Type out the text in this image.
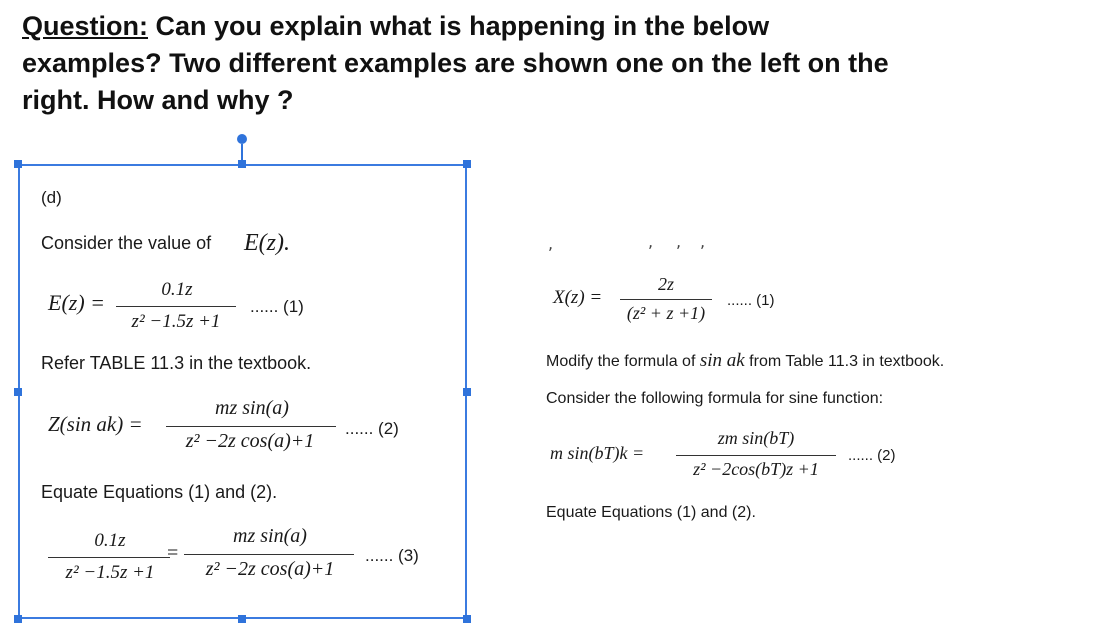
Question: Can you explain what is happening in the below examples? Two different examples are shown one on the left on the right. How and why ?
(d)
Consider the value of E(z).
E(z) =
0.1z
z² −1.5z +1
...... (1)
Refer TABLE 11.3 in the textbook.
Z(sin ak) =
mz sin(a)
z² −2z cos(a)+1
...... (2)
Equate Equations (1) and (2).
0.1z
z² −1.5z +1
=
mz sin(a)
z² −2z cos(a)+1
...... (3)
,	, , ,
X(z) =
2z
(z² + z +1)
...... (1)
Modify the formula of sin ak from Table 11.3 in textbook.
Consider the following formula for sine function:
m sin(bT)k =
zm sin(bT)
z² −2cos(bT)z +1
...... (2)
Equate Equations (1) and (2).
